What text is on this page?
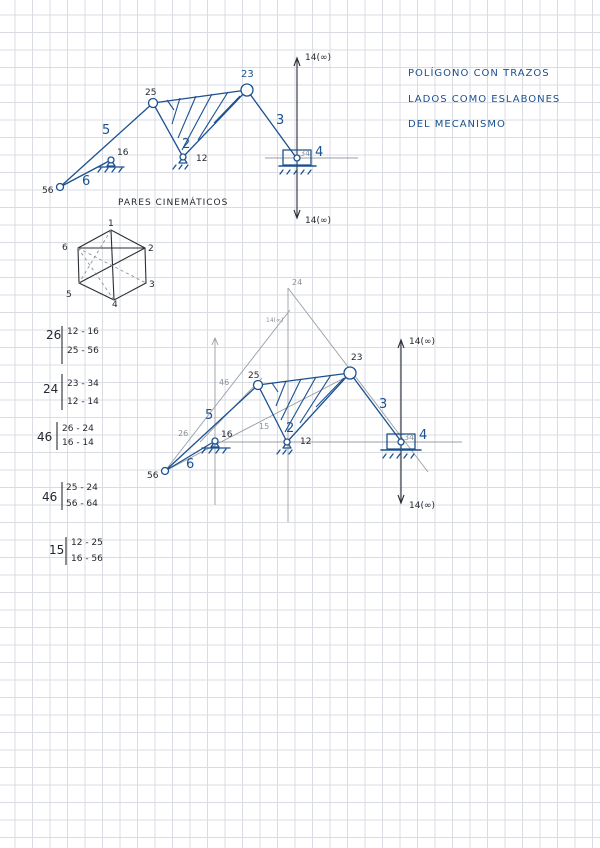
POLÍGONO CON TRAZOS
LADOS COMO ESLABONES
DEL MECANISMO
14(∞)
14(∞)
5
6
2
3
4
25
23
12
16
56
34
PARES CINEMÁTICOS
1
2
3
4
5
6
26 12 - 16
25 - 56
24 23 - 34
12 - 14
46
26 - 24
16 - 14
46
25 - 24
56 - 64
15 12 - 25
16 - 56
14(∞)
14(∞)
5
6
2
3
4
25
23
12
16
56
34
24
46
26
15
14(∞)
